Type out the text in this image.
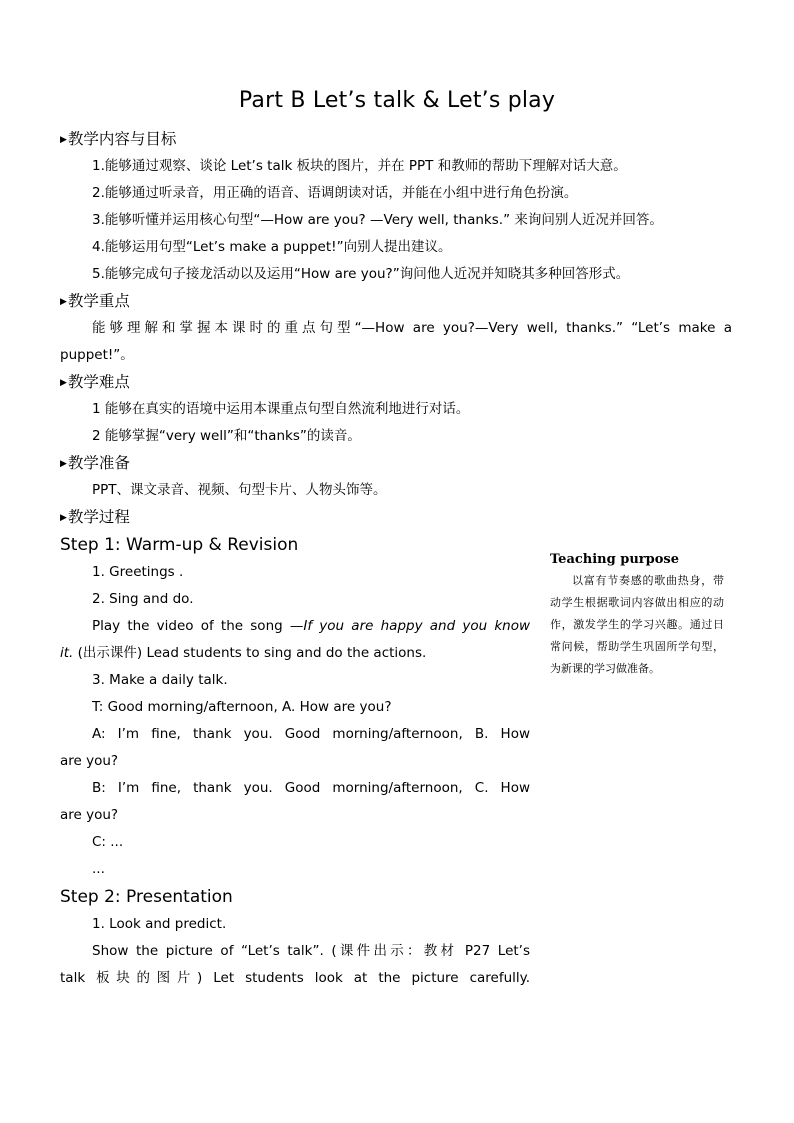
Part B Let’s talk & Let’s play
▶教学内容与目标
1.能够通过观察、谈论 Let’s talk 板块的图片，并在 PPT 和教师的帮助下理解对话大意。
2.能够通过听录音，用正确的语音、语调朗读对话，并能在小组中进行角色扮演。
3.能够听懂并运用核心句型“—How are you? —Very well, thanks.” 来询问别人近况并回答。
4.能够运用句型“Let’s make a puppet!”向别人提出建议。
5.能够完成句子接龙活动以及运用“How are you?”询问他人近况并知晓其多种回答形式。
▶教学重点
能够理解和掌握本课时的重点句型“—How are you?—Very well, thanks.” “Let’s make a
puppet!”。
▶教学难点
1 能够在真实的语境中运用本课重点句型自然流利地进行对话。
2 能够掌握“very well”和“thanks”的读音。
▶教学准备
PPT、课文录音、视频、句型卡片、人物头饰等。
▶教学过程
Step 1: Warm-up & Revision
1. Greetings .
2. Sing and do.
Play the video of the song —If you are happy and you know
it. (出示课件) Lead students to sing and do the actions.
3. Make a daily talk.
T: Good morning/afternoon, A. How are you?
A: I’m fine, thank you. Good morning/afternoon, B. How
are you?
B: I’m fine, thank you. Good morning/afternoon, C. How
are you?
C: ...
...
Step 2: Presentation
1. Look and predict.
Show the picture of “Let’s talk”. (课件出示：教材 P27 Let’s
talk 板块的图片) Let students look at the picture carefully.
Teaching purpose
以富有节奏感的歌曲热身，带动学生根据歌词内容做出相应的动作，激发学生的学习兴趣。通过日常问候，帮助学生巩固所学句型，为新课的学习做准备。
